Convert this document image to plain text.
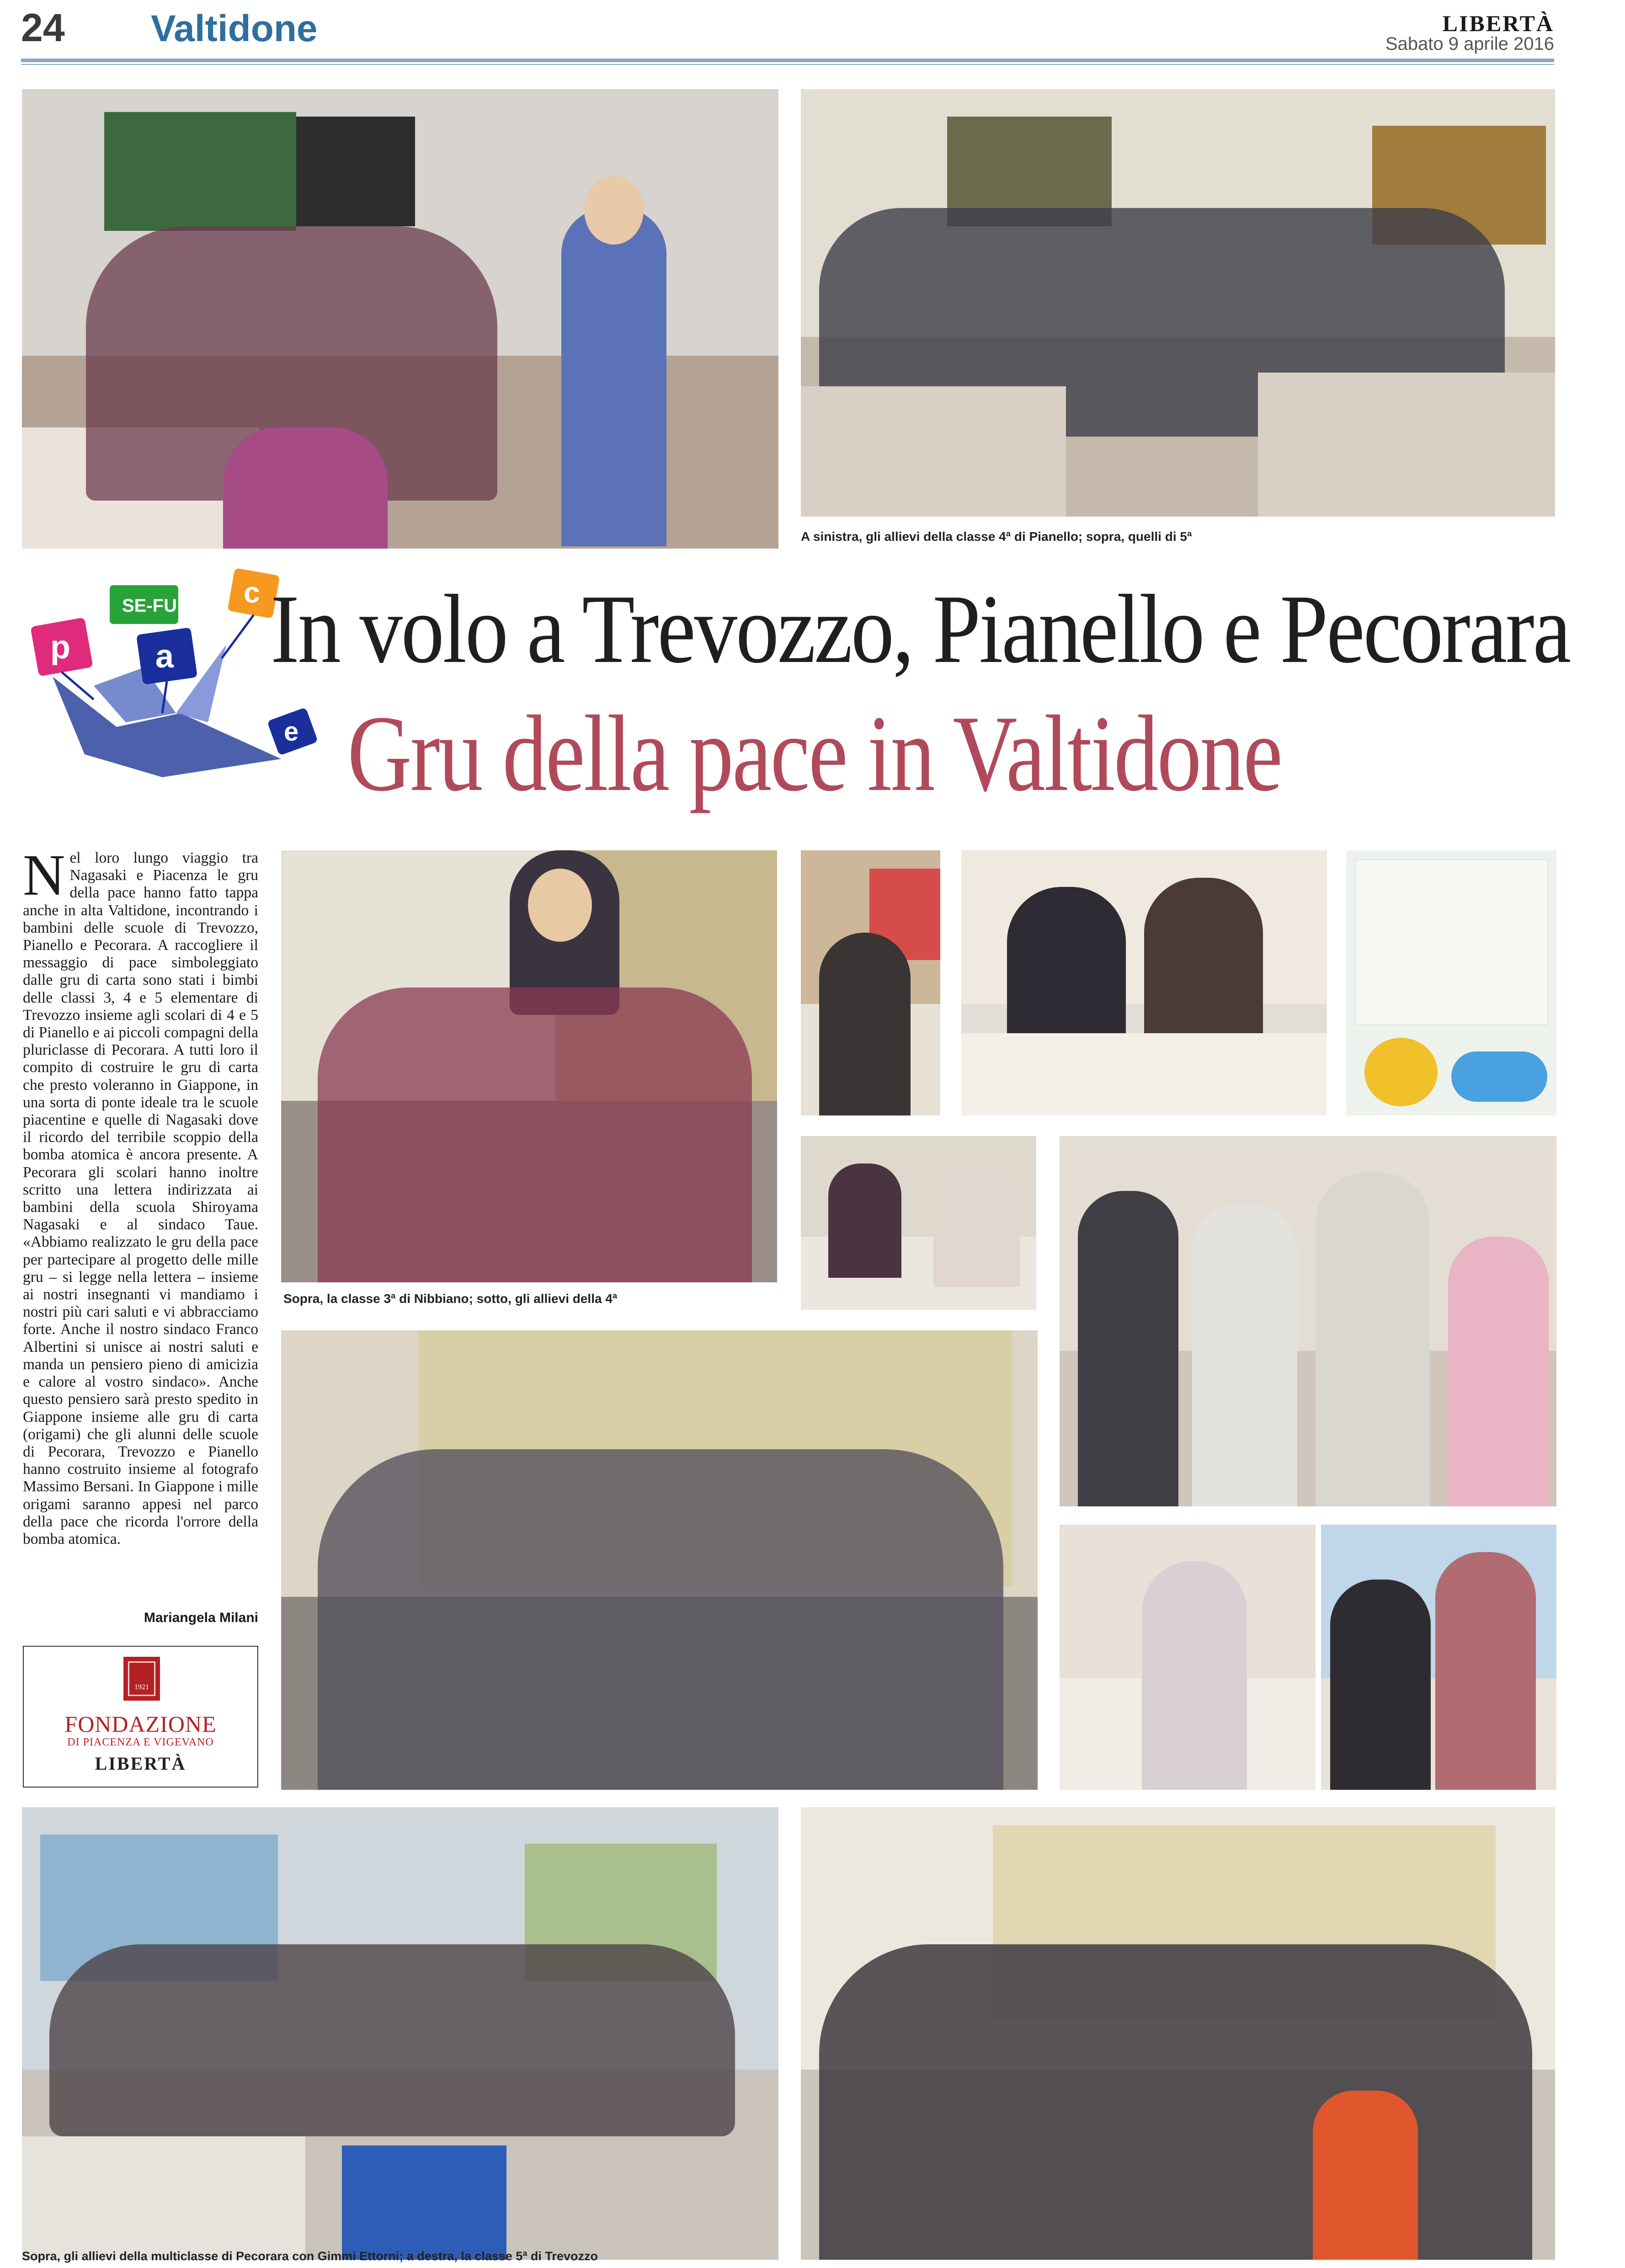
24 Valtidone	LIBERTÀ
Sabato 9 aprile 2016
A sinistra, gli allievi della classe 4ª di Pianello; sopra, quelli di 5ª
SE-FU
p	a
c
e
In volo a Trevozzo, Pianello e Pecorara
Gru della pace in Valtidone

Nel loro lungo viaggio tra Nagasaki e Piacenza le gru della pace hanno fatto tappa anche in alta Valtidone, incontrando i bambini delle scuole di Trevozzo, Pianello e Pecorara. A raccogliere il messaggio di pace simboleggiato dalle gru di carta sono stati i bimbi delle classi 3, 4 e 5 elementare di Trevozzo insieme agli scolari di 4 e 5 di Pianello e ai piccoli compagni della pluriclasse di Pecorara. A tutti loro il compito di costruire le gru di carta che presto voleranno in Giappone, in una sorta di ponte ideale tra le scuole piacentine e quelle di Nagasaki dove il ricordo del terribile scoppio della bomba atomica è ancora presente. A Pecorara gli scolari hanno inoltre scritto una lettera indirizzata ai bambini della scuola Shiroyama Nagasaki e al sindaco Taue. «Abbiamo realizzato le gru della pace per partecipare al progetto delle mille gru – si legge nella lettera – insieme ai nostri insegnanti vi mandiamo i nostri più cari saluti e vi abbracciamo forte. Anche il nostro sindaco Franco Albertini si unisce ai nostri saluti e manda un pensiero pieno di amicizia e calore al vostro sindaco». Anche questo pensiero sarà presto spedito in Giappone insieme alle gru di carta (origami) che gli alunni delle scuole di Pecorara, Trevozzo e Pianello hanno costruito insieme al fotografo Massimo Bersani. In Giappone i mille origami saranno appesi nel parco della pace che ricorda l'orrore della bomba atomica.

Mariangela Milani
1921
FONDAZIONE
DI PIACENZA E VIGEVANO
LIBERTÀ
Sopra, la classe 3ª di Nibbiano; sotto, gli allievi della 4ª
Sopra, gli allievi della multiclasse di Pecorara con Gimmi Ettorni; a destra, la classe 5ª di Trevozzo
